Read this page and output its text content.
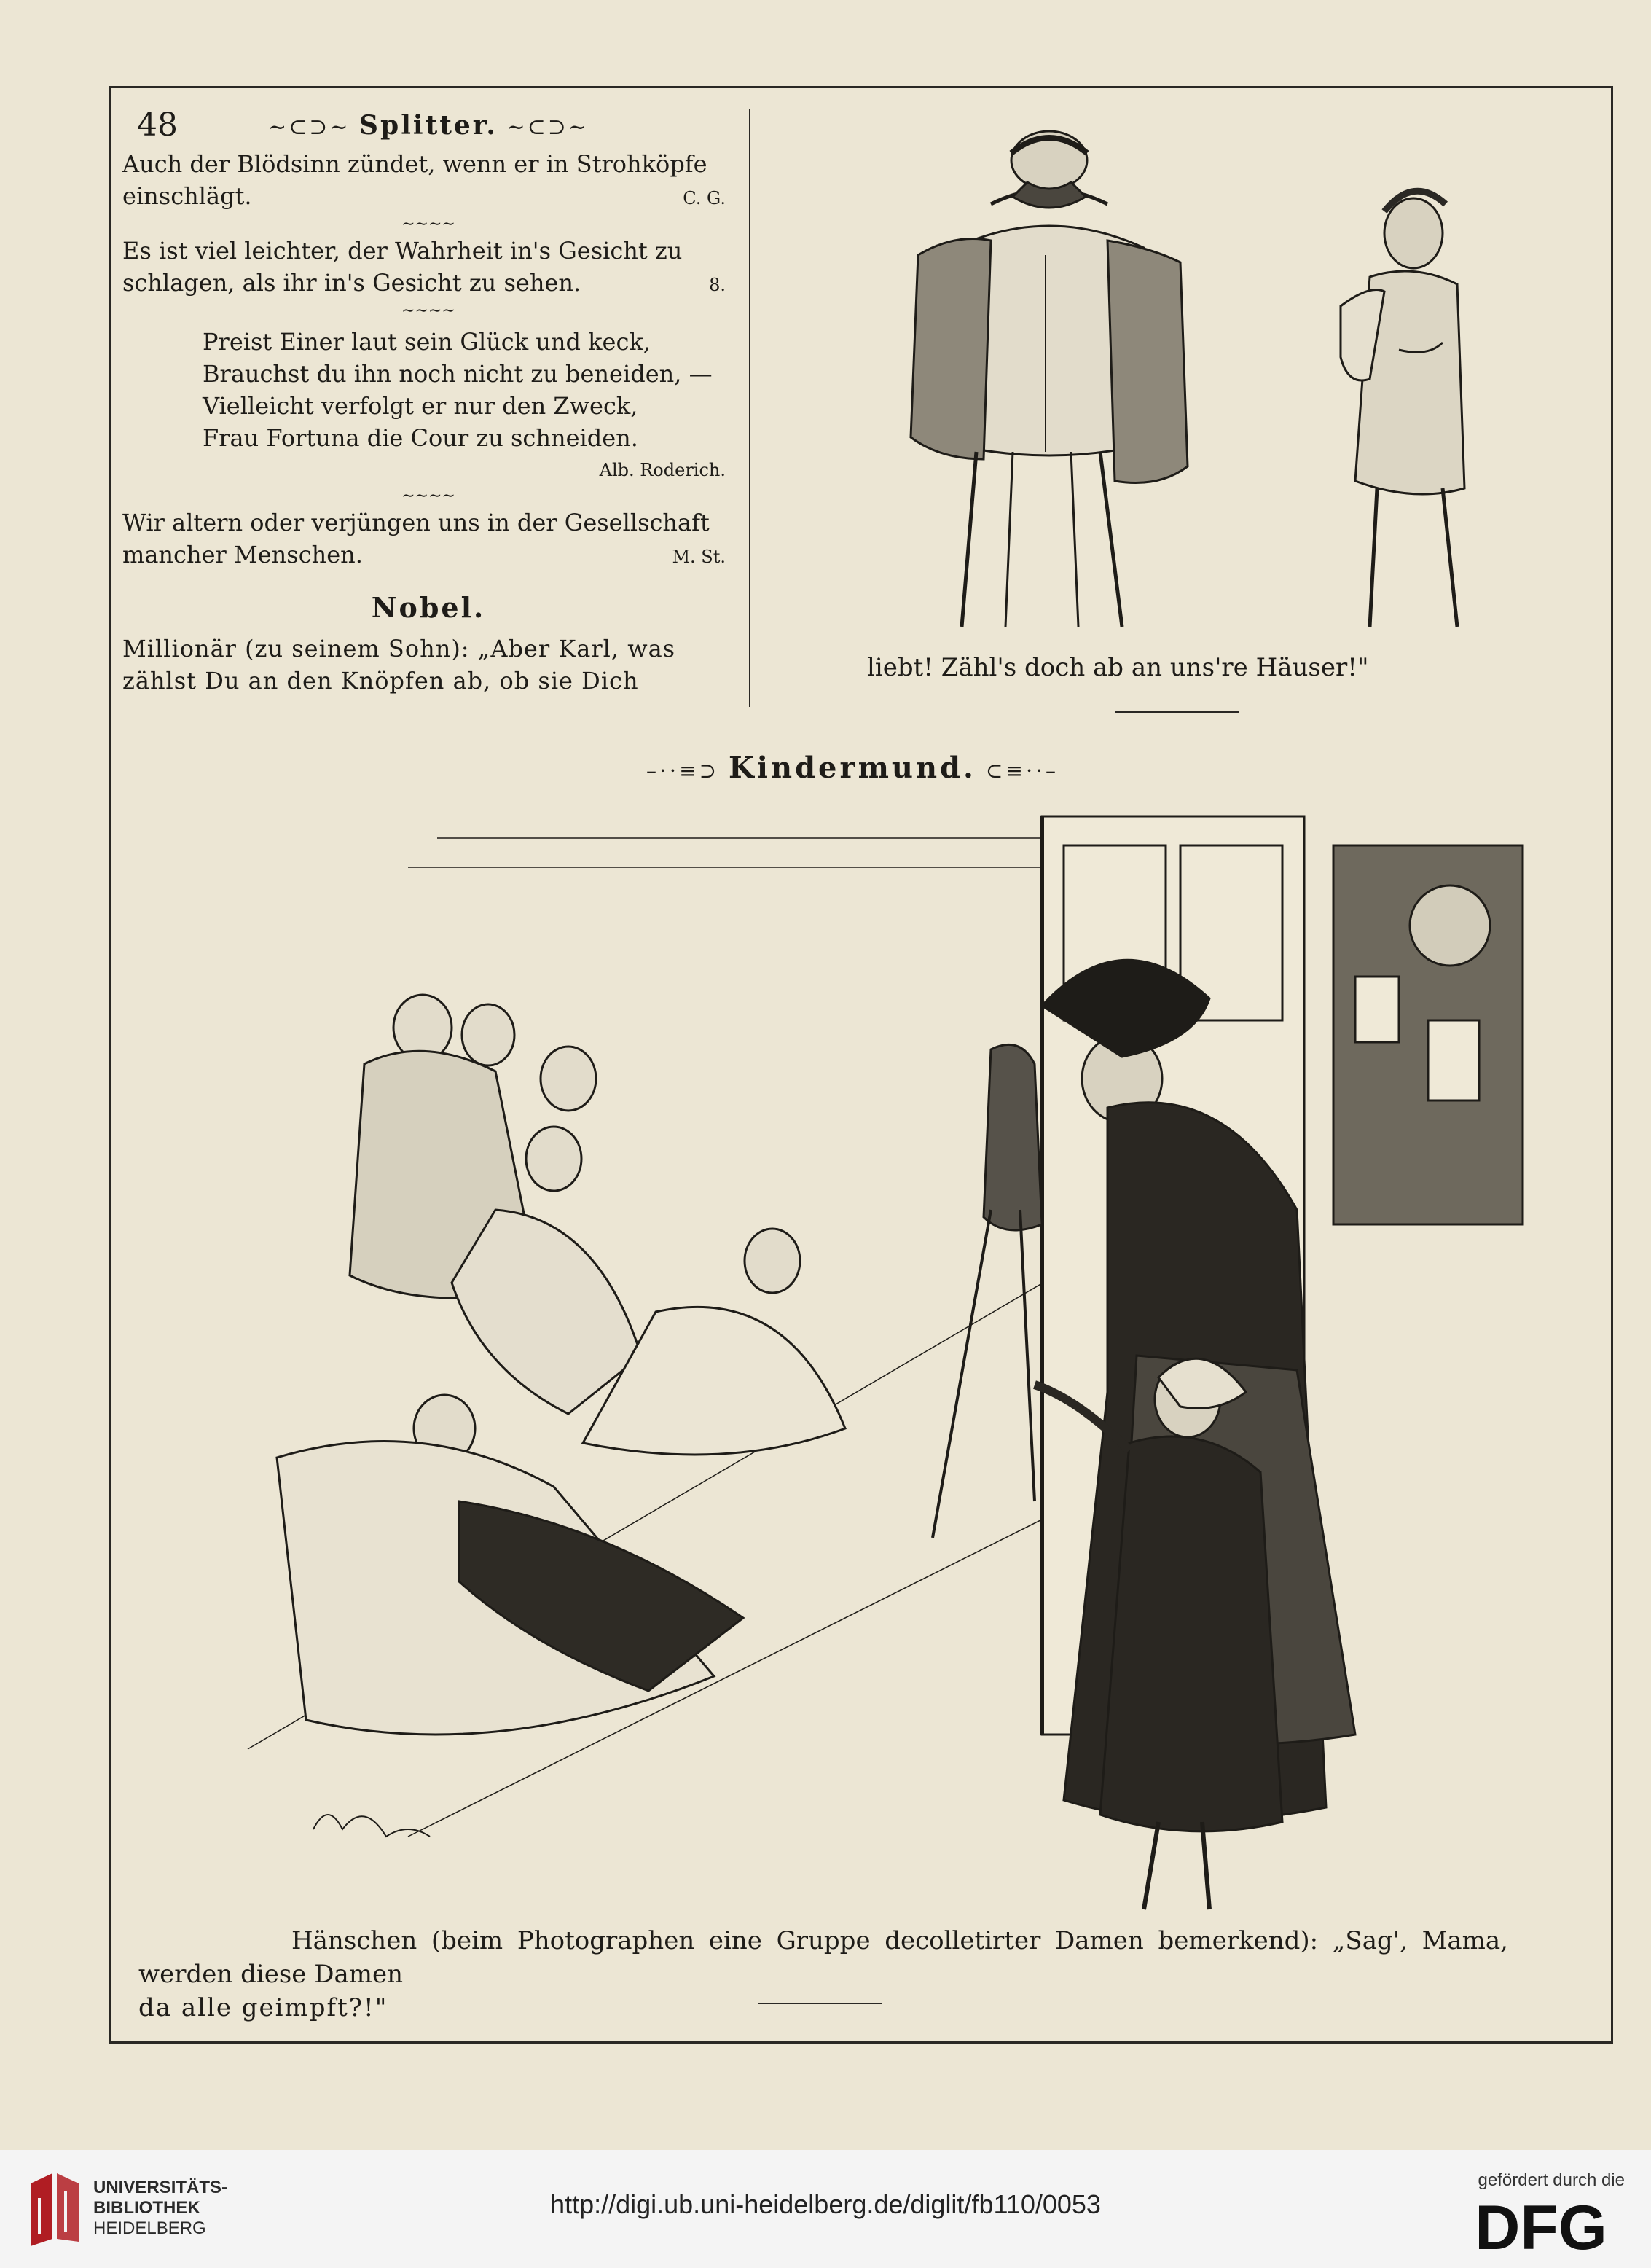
48	~⊂⊃~ Splitter. ~⊂⊃~
Auch der Blödsinn zündet, wenn er in Strohköpfe
einschlägt.	C. G.
∼∼∼∼
Es ist viel leichter, der Wahrheit in's Gesicht zu
schlagen, als ihr in's Gesicht zu sehen.	8.
∼∼∼∼
Preist Einer laut sein Glück und keck,
Brauchst du ihn noch nicht zu beneiden, —
Vielleicht verfolgt er nur den Zweck,
Frau Fortuna die Cour zu schneiden.
Alb. Roderich.
∼∼∼∼
Wir altern oder verjüngen uns in der Gesellschaft
mancher Menschen.	M. St.
Nobel.
Millionär (zu seinem Sohn): „Aber Karl, was
zählst Du an den Knöpfen ab, ob sie Dich	liebt! Zähl's doch ab an uns're Häuser!"
–⋅⋅≡⊃ Kindermund. ⊂≡⋅⋅–
Hänschen (beim Photographen eine Gruppe decolletirter Damen bemerkend): „Sag', Mama, werden diese Damen
da alle geimpft?!"
UNIVERSITÄTS-
BIBLIOTHEK
HEIDELBERG
http://digi.ub.uni-heidelberg.de/diglit/fb110/0053
gefördert durch die
DFG
